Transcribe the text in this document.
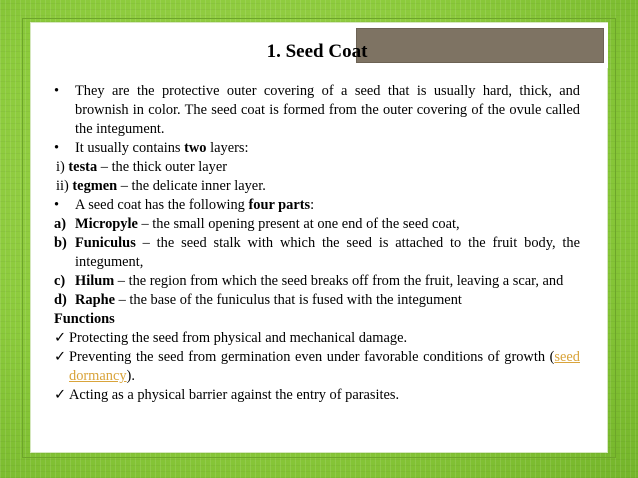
1. Seed Coat
•	They are the protective outer covering of a seed that is usually hard, thick, and brownish in color. The seed coat is formed from the outer covering of the ovule called the integument.
•	It usually contains two layers:
i) testa – the thick outer layer
ii) tegmen – the delicate inner layer.
•	A seed coat has the following four parts:
a) Micropyle – the small opening present at one end of the seed coat,
b) Funiculus – the seed stalk with which the seed is attached to the fruit body, the integument,
c) Hilum – the region from which the seed breaks off from the fruit, leaving a scar, and
d) Raphe – the base of the funiculus that is fused with the integument
Functions
✓ Protecting the seed from physical and mechanical damage.
✓ Preventing the seed from germination even under favorable conditions of growth (seed dormancy).
✓ Acting as a physical barrier against the entry of parasites.
